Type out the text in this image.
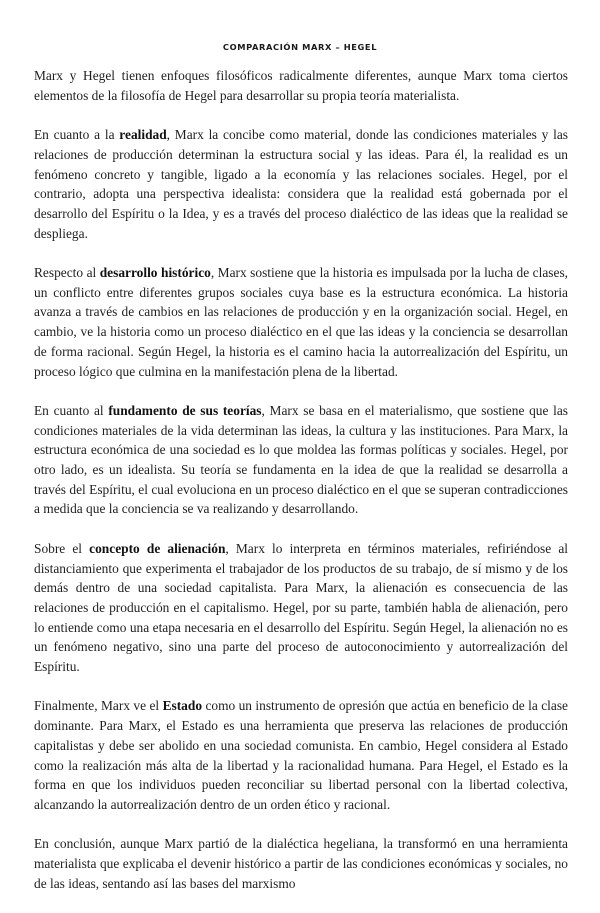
COMPARACIÓN MARX – HEGEL

Marx y Hegel tienen enfoques filosóficos radicalmente diferentes, aunque Marx toma ciertos elementos de la filosofía de Hegel para desarrollar su propia teoría materialista.

En cuanto a la realidad, Marx la concibe como material, donde las condiciones materiales y las relaciones de producción determinan la estructura social y las ideas. Para él, la realidad es un fenómeno concreto y tangible, ligado a la economía y las relaciones sociales. Hegel, por el contrario, adopta una perspectiva idealista: considera que la realidad está gobernada por el desarrollo del Espíritu o la Idea, y es a través del proceso dialéctico de las ideas que la realidad se despliega.

Respecto al desarrollo histórico, Marx sostiene que la historia es impulsada por la lucha de clases, un conflicto entre diferentes grupos sociales cuya base es la estructura económica. La historia avanza a través de cambios en las relaciones de producción y en la organización social. Hegel, en cambio, ve la historia como un proceso dialéctico en el que las ideas y la conciencia se desarrollan de forma racional. Según Hegel, la historia es el camino hacia la autorrealización del Espíritu, un proceso lógico que culmina en la manifestación plena de la libertad.

En cuanto al fundamento de sus teorías, Marx se basa en el materialismo, que sostiene que las condiciones materiales de la vida determinan las ideas, la cultura y las instituciones. Para Marx, la estructura económica de una sociedad es lo que moldea las formas políticas y sociales. Hegel, por otro lado, es un idealista. Su teoría se fundamenta en la idea de que la realidad se desarrolla a través del Espíritu, el cual evoluciona en un proceso dialéctico en el que se superan contradicciones a medida que la conciencia se va realizando y desarrollando.

Sobre el concepto de alienación, Marx lo interpreta en términos materiales, refiriéndose al distanciamiento que experimenta el trabajador de los productos de su trabajo, de sí mismo y de los demás dentro de una sociedad capitalista. Para Marx, la alienación es consecuencia de las relaciones de producción en el capitalismo. Hegel, por su parte, también habla de alienación, pero lo entiende como una etapa necesaria en el desarrollo del Espíritu. Según Hegel, la alienación no es un fenómeno negativo, sino una parte del proceso de autoconocimiento y autorrealización del Espíritu.

Finalmente, Marx ve el Estado como un instrumento de opresión que actúa en beneficio de la clase dominante. Para Marx, el Estado es una herramienta que preserva las relaciones de producción capitalistas y debe ser abolido en una sociedad comunista. En cambio, Hegel considera al Estado como la realización más alta de la libertad y la racionalidad humana. Para Hegel, el Estado es la forma en que los individuos pueden reconciliar su libertad personal con la libertad colectiva, alcanzando la autorrealización dentro de un orden ético y racional.

En conclusión, aunque Marx partió de la dialéctica hegeliana, la transformó en una herramienta materialista que explicaba el devenir histórico a partir de las condiciones económicas y sociales, no de las ideas, sentando así las bases del marxismo
